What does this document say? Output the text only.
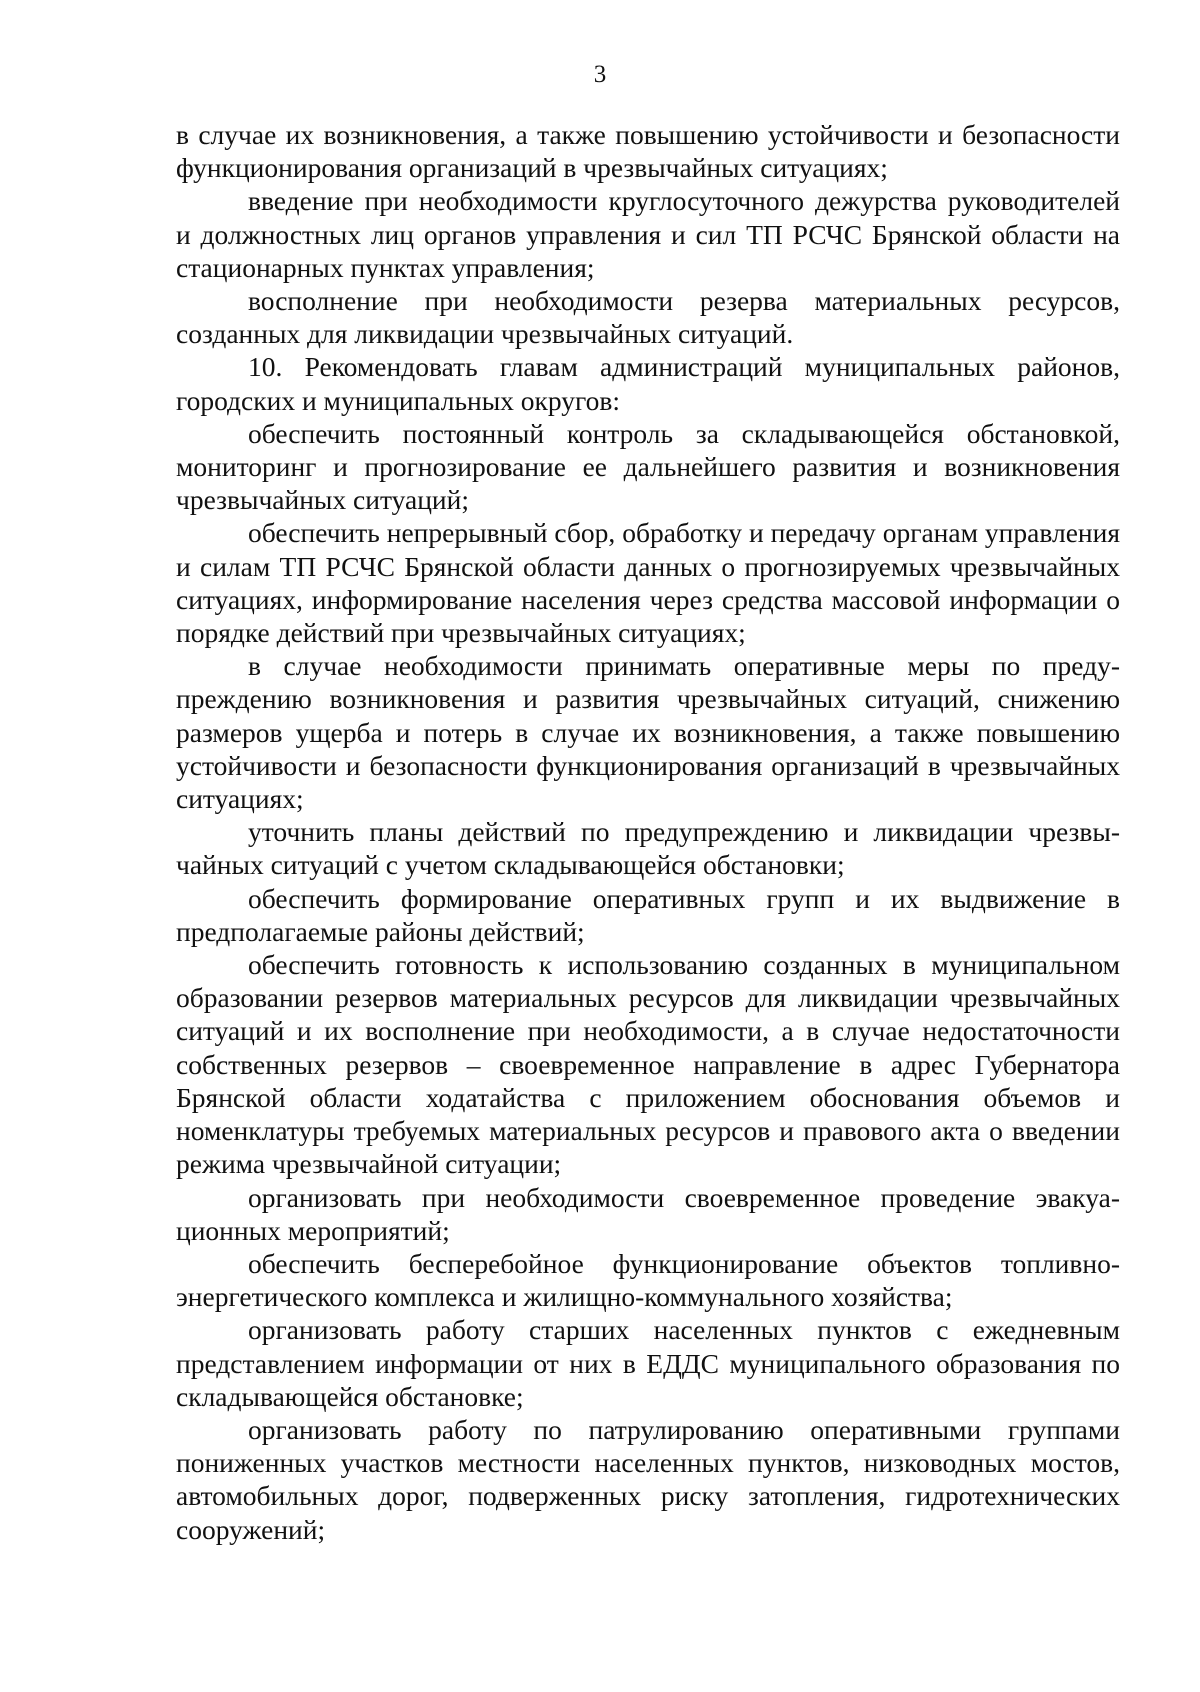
3

в случае их возникновения, а также повышению устойчивости и безопасности функционирования организаций в чрезвычайных ситуациях;

введение при необходимости круглосуточного дежурства руководителей и должностных лиц органов управления и сил ТП РСЧС Брянской области на стационарных пунктах управления;

восполнение при необходимости резерва материальных ресурсов, созданных для ликвидации чрезвычайных ситуаций.

10. Рекомендовать главам администраций муниципальных районов, городских и муниципальных округов:

обеспечить постоянный контроль за складывающейся обстановкой, мониторинг и прогнозирование ее дальнейшего развития и возникновения чрезвычайных ситуаций;

обеспечить непрерывный сбор, обработку и передачу органам управления и силам ТП РСЧС Брянской области данных о прогнозируемых чрезвычайных ситуациях, информирование населения через средства массовой информации о порядке действий при чрезвычайных ситуациях;

в случае необходимости принимать оперативные меры по предупреждению возникновения и развития чрезвычайных ситуаций, снижению размеров ущерба и потерь в случае их возникновения, а также повышению устойчивости и безопасности функционирования организаций в чрезвычайных ситуациях;

уточнить планы действий по предупреждению и ликвидации чрезвычайных ситуаций с учетом складывающейся обстановки;

обеспечить формирование оперативных групп и их выдвижение в предполагаемые районы действий;

обеспечить готовность к использованию созданных в муниципальном образовании резервов материальных ресурсов для ликвидации чрезвычайных ситуаций и их восполнение при необходимости, а в случае недостаточности собственных резервов – своевременное направление в адрес Губернатора Брянской области ходатайства с приложением обоснования объемов и номенклатуры требуемых материальных ресурсов и правового акта о введении режима чрезвычайной ситуации;

организовать при необходимости своевременное проведение эвакуационных мероприятий;

обеспечить бесперебойное функционирование объектов топливно-энергетического комплекса и жилищно-коммунального хозяйства;

организовать работу старших населенных пунктов с ежедневным представлением информации от них в ЕДДС муниципального образования по складывающейся обстановке;

организовать работу по патрулированию оперативными группами пониженных участков местности населенных пунктов, низководных мостов, автомобильных дорог, подверженных риску затопления, гидротехнических сооружений;
